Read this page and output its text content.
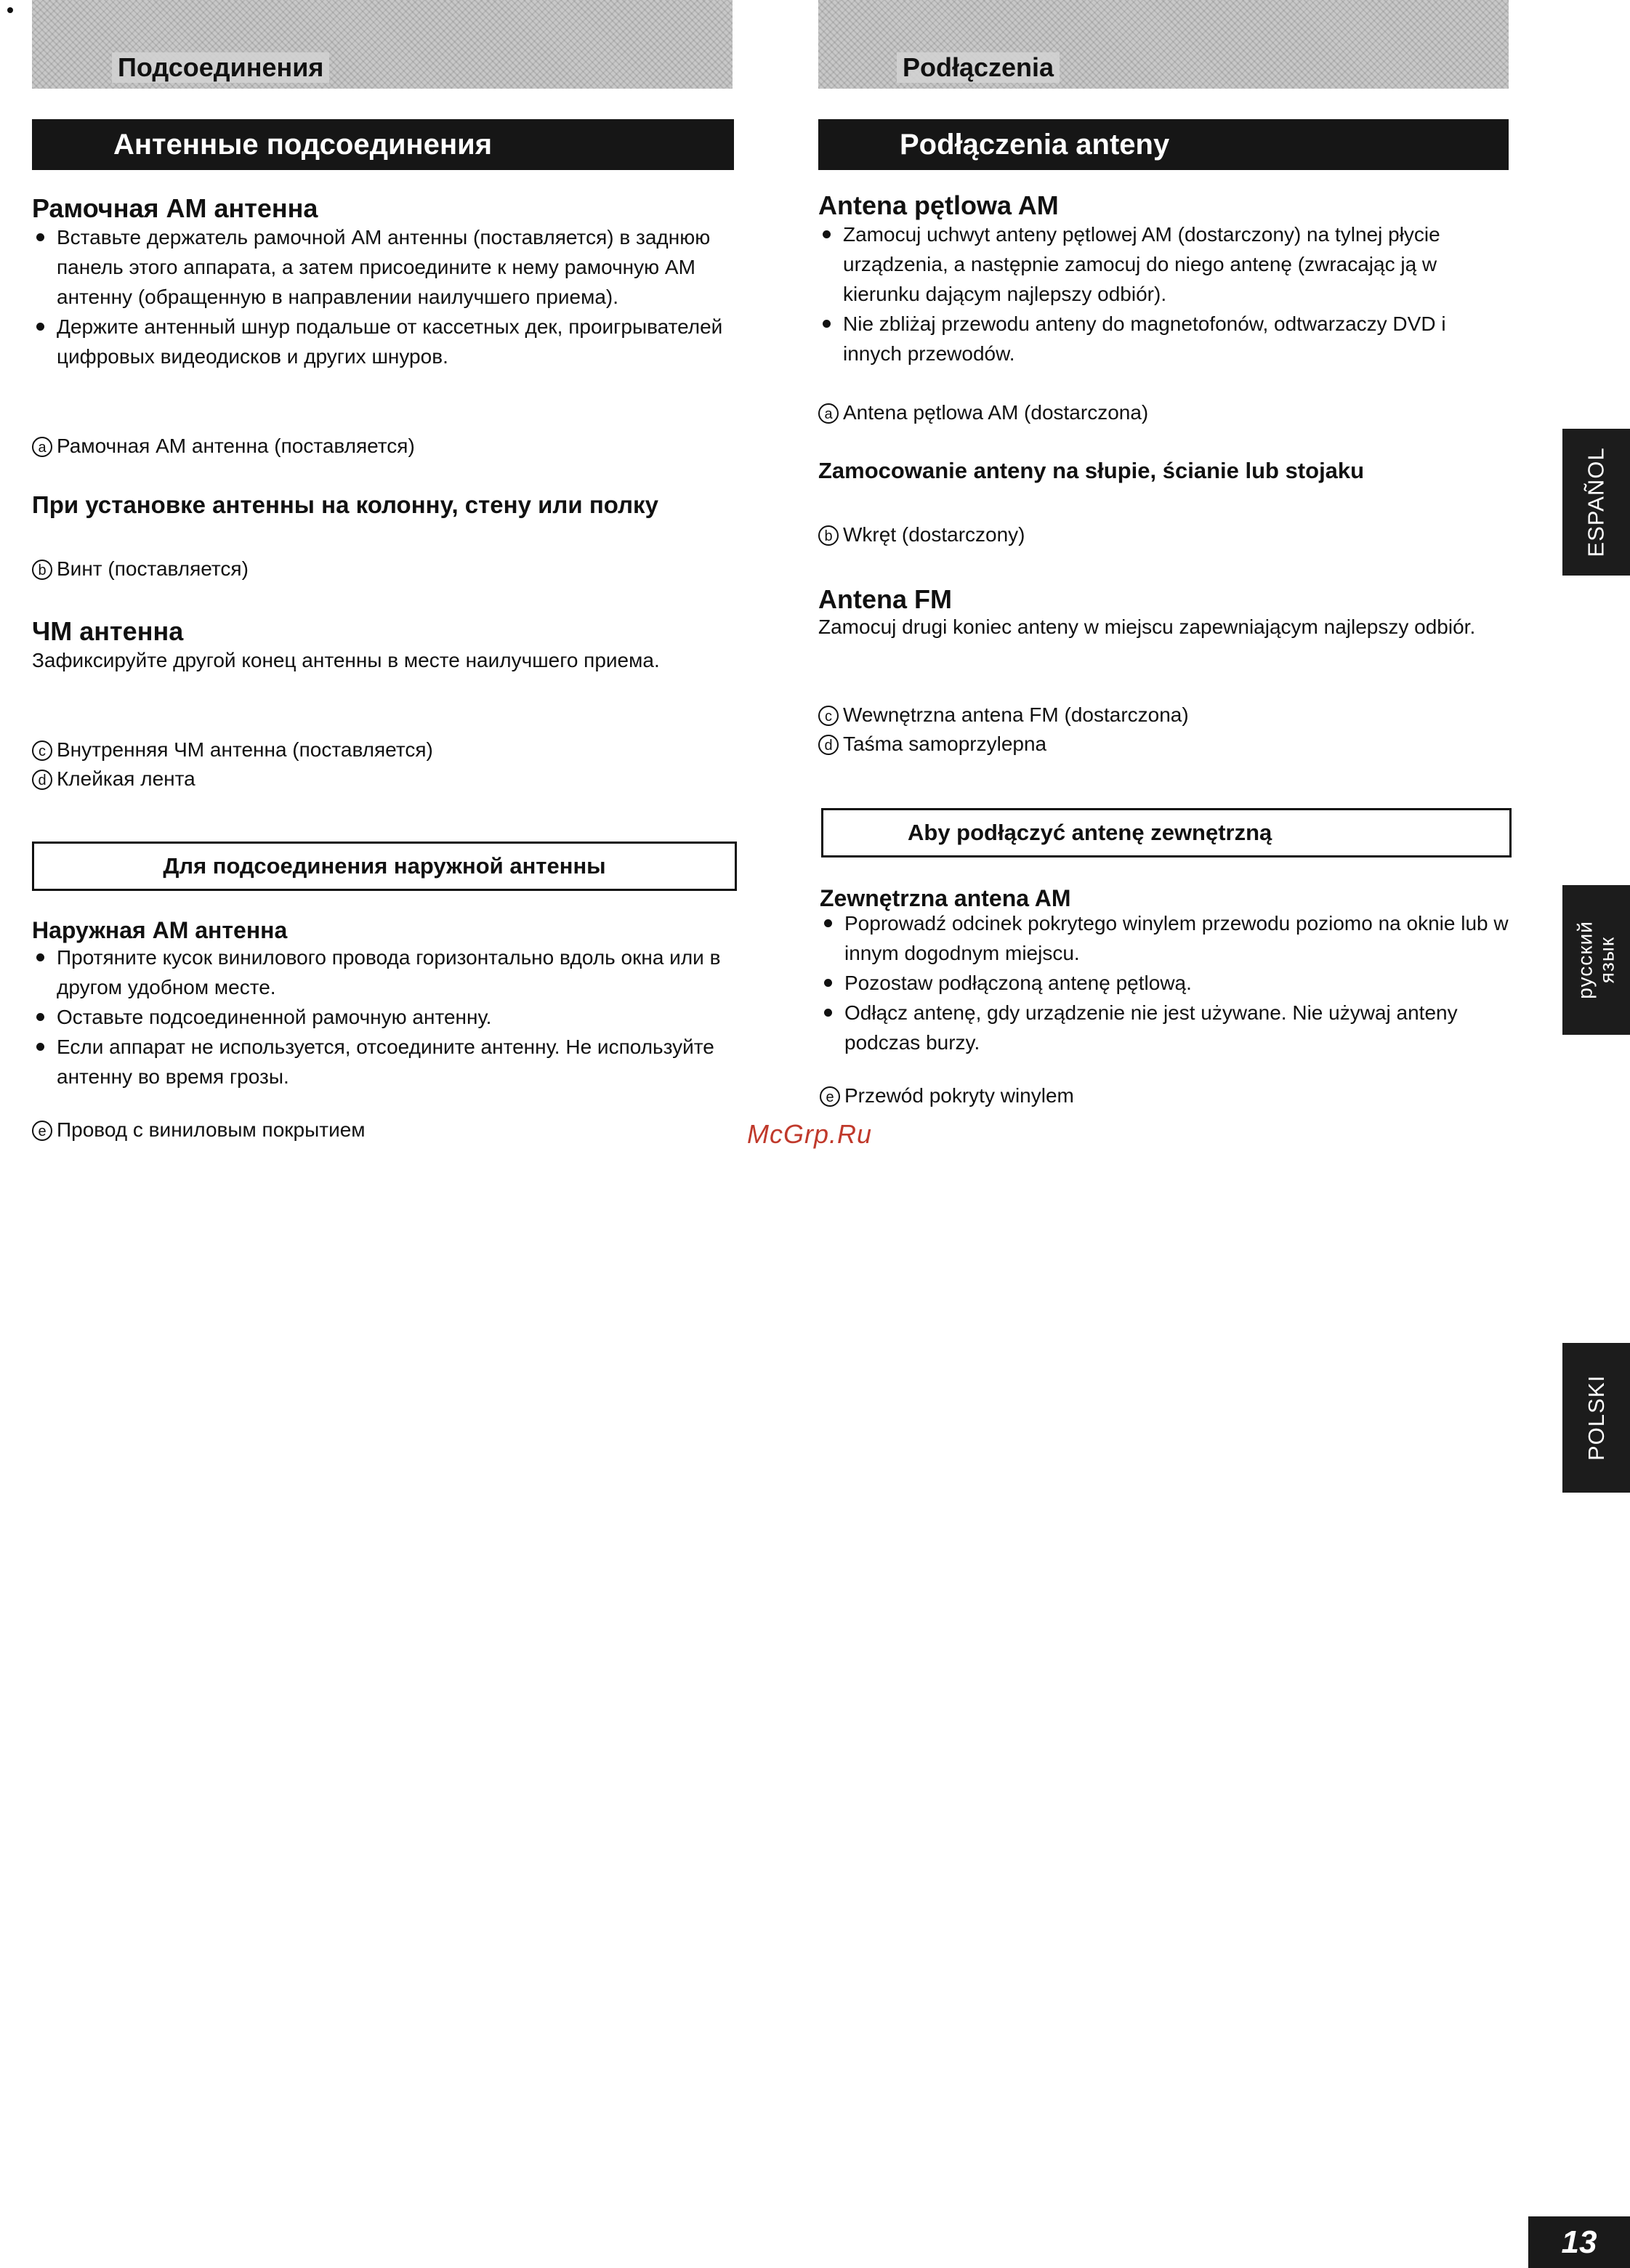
Подсоединения
Антенные подсоединения
Рамочная АМ антенна
Вставьте держатель рамочной АМ антенны (поставляется) в заднюю панель этого аппарата, а затем присоедините к нему рамочную АМ антенну (обращенную в направлении наилучшего приема).
Держите антенный шнур подальше от кассетных дек, проигрывателей цифровых видеодисков и других шнуров.

a Рамочная АМ антенна (поставляется)

При установке антенны на колонну, стену или полку

b Винт (поставляется)

ЧМ антенна

Зафиксируйте другой конец антенны в месте наилучшего приема.

c Внутренняя ЧМ антенна (поставляется)

d Клейкая лента

Для подсоединения наружной антенны
Наружная АМ антенна
Протяните кусок винилового провода горизонтально вдоль окна или в другом удобном месте.
Оставьте подсоединенной рамочную антенну.
Если аппарат не используется, отсоедините антенну. Не используйте антенну во время грозы.

e Провод с виниловым покрытием

Podłączenia
Podłączenia anteny
Antena pętlowa AM
Zamocuj uchwyt anteny pętlowej AM (dostarczony) na tylnej płycie urządzenia, a następnie zamocuj do niego antenę (zwracając ją w kierunku dającym najlepszy odbiór).
Nie zbliżaj przewodu anteny do magnetofonów, odtwarzaczy DVD i innych przewodów.

a Antena pętlowa AM (dostarczona)

Zamocowanie anteny na słupie, ścianie lub stojaku

b Wkręt (dostarczony)

Antena FM

Zamocuj drugi koniec anteny w miejscu zapewniającym najlepszy odbiór.

c Wewnętrzna antena FM (dostarczona)

d Taśma samoprzylepna

Aby podłączyć antenę zewnętrzną
Zewnętrzna antena AM
Poprowadź odcinek pokrytego winylem przewodu poziomo na oknie lub w innym dogodnym miejscu.
Pozostaw podłączoną antenę pętlową.
Odłącz antenę, gdy urządzenie nie jest używane. Nie używaj anteny podczas burzy.

e Przewód pokryty winylem

McGrp.Ru
ESPAÑOL
русский язык
POLSKI
13
